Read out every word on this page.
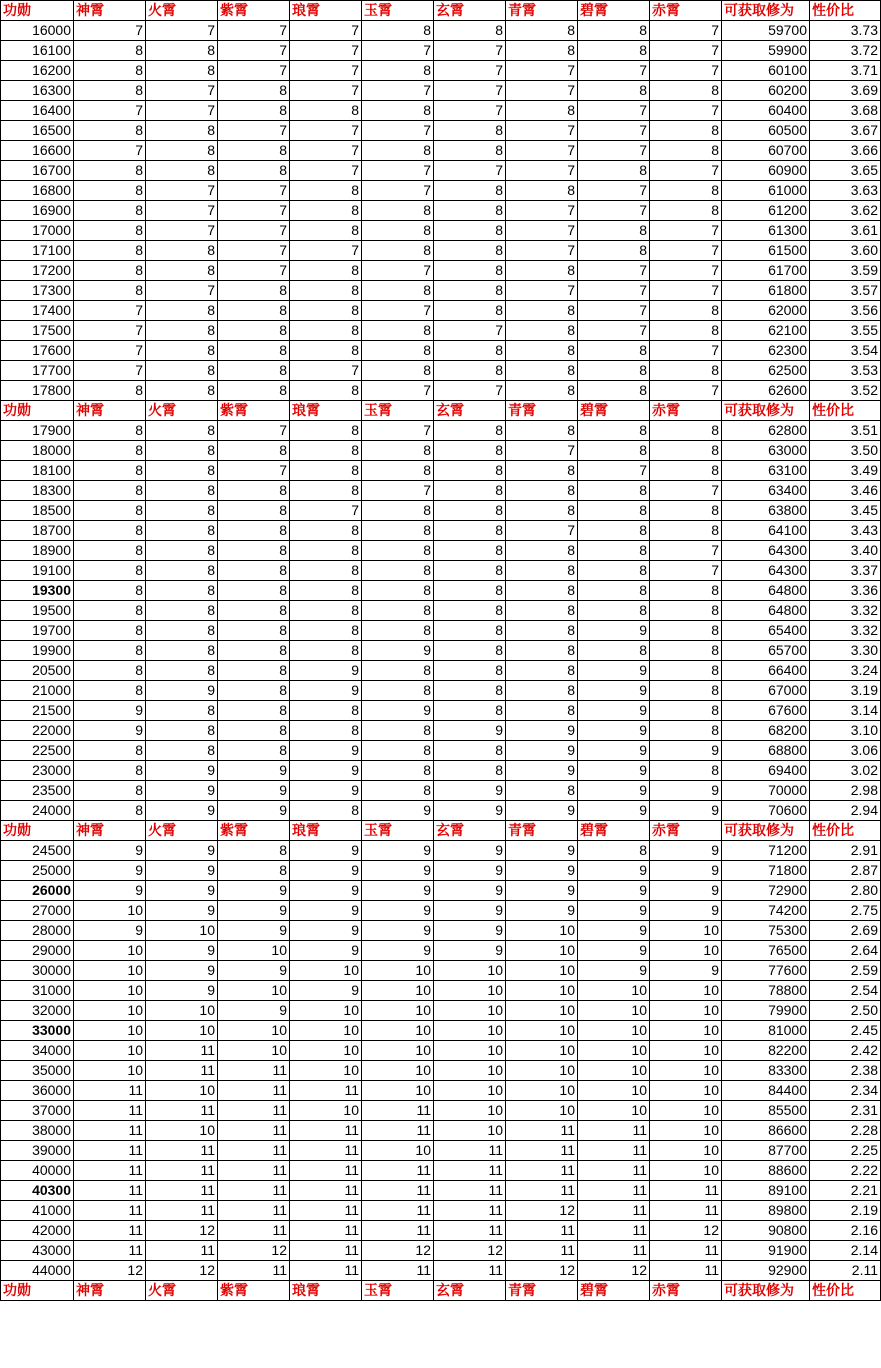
功勋	神霄	火霄	紫霄	琅霄	玉霄	玄霄	青霄	碧霄	赤霄	可获取修为	性价比
16000	7	7	7	7	8	8	8	8	7	59700	3.73
16100	8	8	7	7	7	7	8	8	7	59900	3.72
16200	8	8	7	7	8	7	7	7	7	60100	3.71
16300	8	7	8	7	7	7	7	8	8	60200	3.69
16400	7	7	8	8	8	7	8	7	7	60400	3.68
16500	8	8	7	7	7	8	7	7	8	60500	3.67
16600	7	8	8	7	8	8	7	7	8	60700	3.66
16700	8	8	8	7	7	7	7	8	7	60900	3.65
16800	8	7	7	8	7	8	8	7	8	61000	3.63
16900	8	7	7	8	8	8	7	7	8	61200	3.62
17000	8	7	7	8	8	8	7	8	7	61300	3.61
17100	8	8	7	7	8	8	7	8	7	61500	3.60
17200	8	8	7	8	7	8	8	7	7	61700	3.59
17300	8	7	8	8	8	8	7	7	7	61800	3.57
17400	7	8	8	8	7	8	8	7	8	62000	3.56
17500	7	8	8	8	8	7	8	7	8	62100	3.55
17600	7	8	8	8	8	8	8	8	7	62300	3.54
17700	7	8	8	7	8	8	8	8	8	62500	3.53
17800	8	8	8	8	7	7	8	8	7	62600	3.52
功勋	神霄	火霄	紫霄	琅霄	玉霄	玄霄	青霄	碧霄	赤霄	可获取修为	性价比
17900	8	8	7	8	7	8	8	8	8	62800	3.51
18000	8	8	8	8	8	8	7	8	8	63000	3.50
18100	8	8	7	8	8	8	8	7	8	63100	3.49
18300	8	8	8	8	7	8	8	8	7	63400	3.46
18500	8	8	8	7	8	8	8	8	8	63800	3.45
18700	8	8	8	8	8	8	7	8	8	64100	3.43
18900	8	8	8	8	8	8	8	8	7	64300	3.40
19100	8	8	8	8	8	8	8	8	7	64300	3.37
19300	8	8	8	8	8	8	8	8	8	64800	3.36
19500	8	8	8	8	8	8	8	8	8	64800	3.32
19700	8	8	8	8	8	8	8	9	8	65400	3.32
19900	8	8	8	8	9	8	8	8	8	65700	3.30
20500	8	8	8	9	8	8	8	9	8	66400	3.24
21000	8	9	8	9	8	8	8	9	8	67000	3.19
21500	9	8	8	8	9	8	8	9	8	67600	3.14
22000	9	8	8	8	8	9	9	9	8	68200	3.10
22500	8	8	8	9	8	8	9	9	9	68800	3.06
23000	8	9	9	9	8	8	9	9	8	69400	3.02
23500	8	9	9	9	8	9	8	9	9	70000	2.98
24000	8	9	9	8	9	9	9	9	9	70600	2.94
功勋	神霄	火霄	紫霄	琅霄	玉霄	玄霄	青霄	碧霄	赤霄	可获取修为	性价比
24500	9	9	8	9	9	9	9	8	9	71200	2.91
25000	9	9	8	9	9	9	9	9	9	71800	2.87
26000	9	9	9	9	9	9	9	9	9	72900	2.80
27000	10	9	9	9	9	9	9	9	9	74200	2.75
28000	9	10	9	9	9	9	10	9	10	75300	2.69
29000	10	9	10	9	9	9	10	9	10	76500	2.64
30000	10	9	9	10	10	10	10	9	9	77600	2.59
31000	10	9	10	9	10	10	10	10	10	78800	2.54
32000	10	10	9	10	10	10	10	10	10	79900	2.50
33000	10	10	10	10	10	10	10	10	10	81000	2.45
34000	10	11	10	10	10	10	10	10	10	82200	2.42
35000	10	11	11	10	10	10	10	10	10	83300	2.38
36000	11	10	11	11	10	10	10	10	10	84400	2.34
37000	11	11	11	10	11	10	10	10	10	85500	2.31
38000	11	10	11	11	11	10	11	11	10	86600	2.28
39000	11	11	11	11	10	11	11	11	10	87700	2.25
40000	11	11	11	11	11	11	11	11	10	88600	2.22
40300	11	11	11	11	11	11	11	11	11	89100	2.21
41000	11	11	11	11	11	11	12	11	11	89800	2.19
42000	11	12	11	11	11	11	11	11	12	90800	2.16
43000	11	11	12	11	12	12	11	11	11	91900	2.14
44000	12	12	11	11	11	11	12	12	11	92900	2.11
功勋	神霄	火霄	紫霄	琅霄	玉霄	玄霄	青霄	碧霄	赤霄	可获取修为	性价比
